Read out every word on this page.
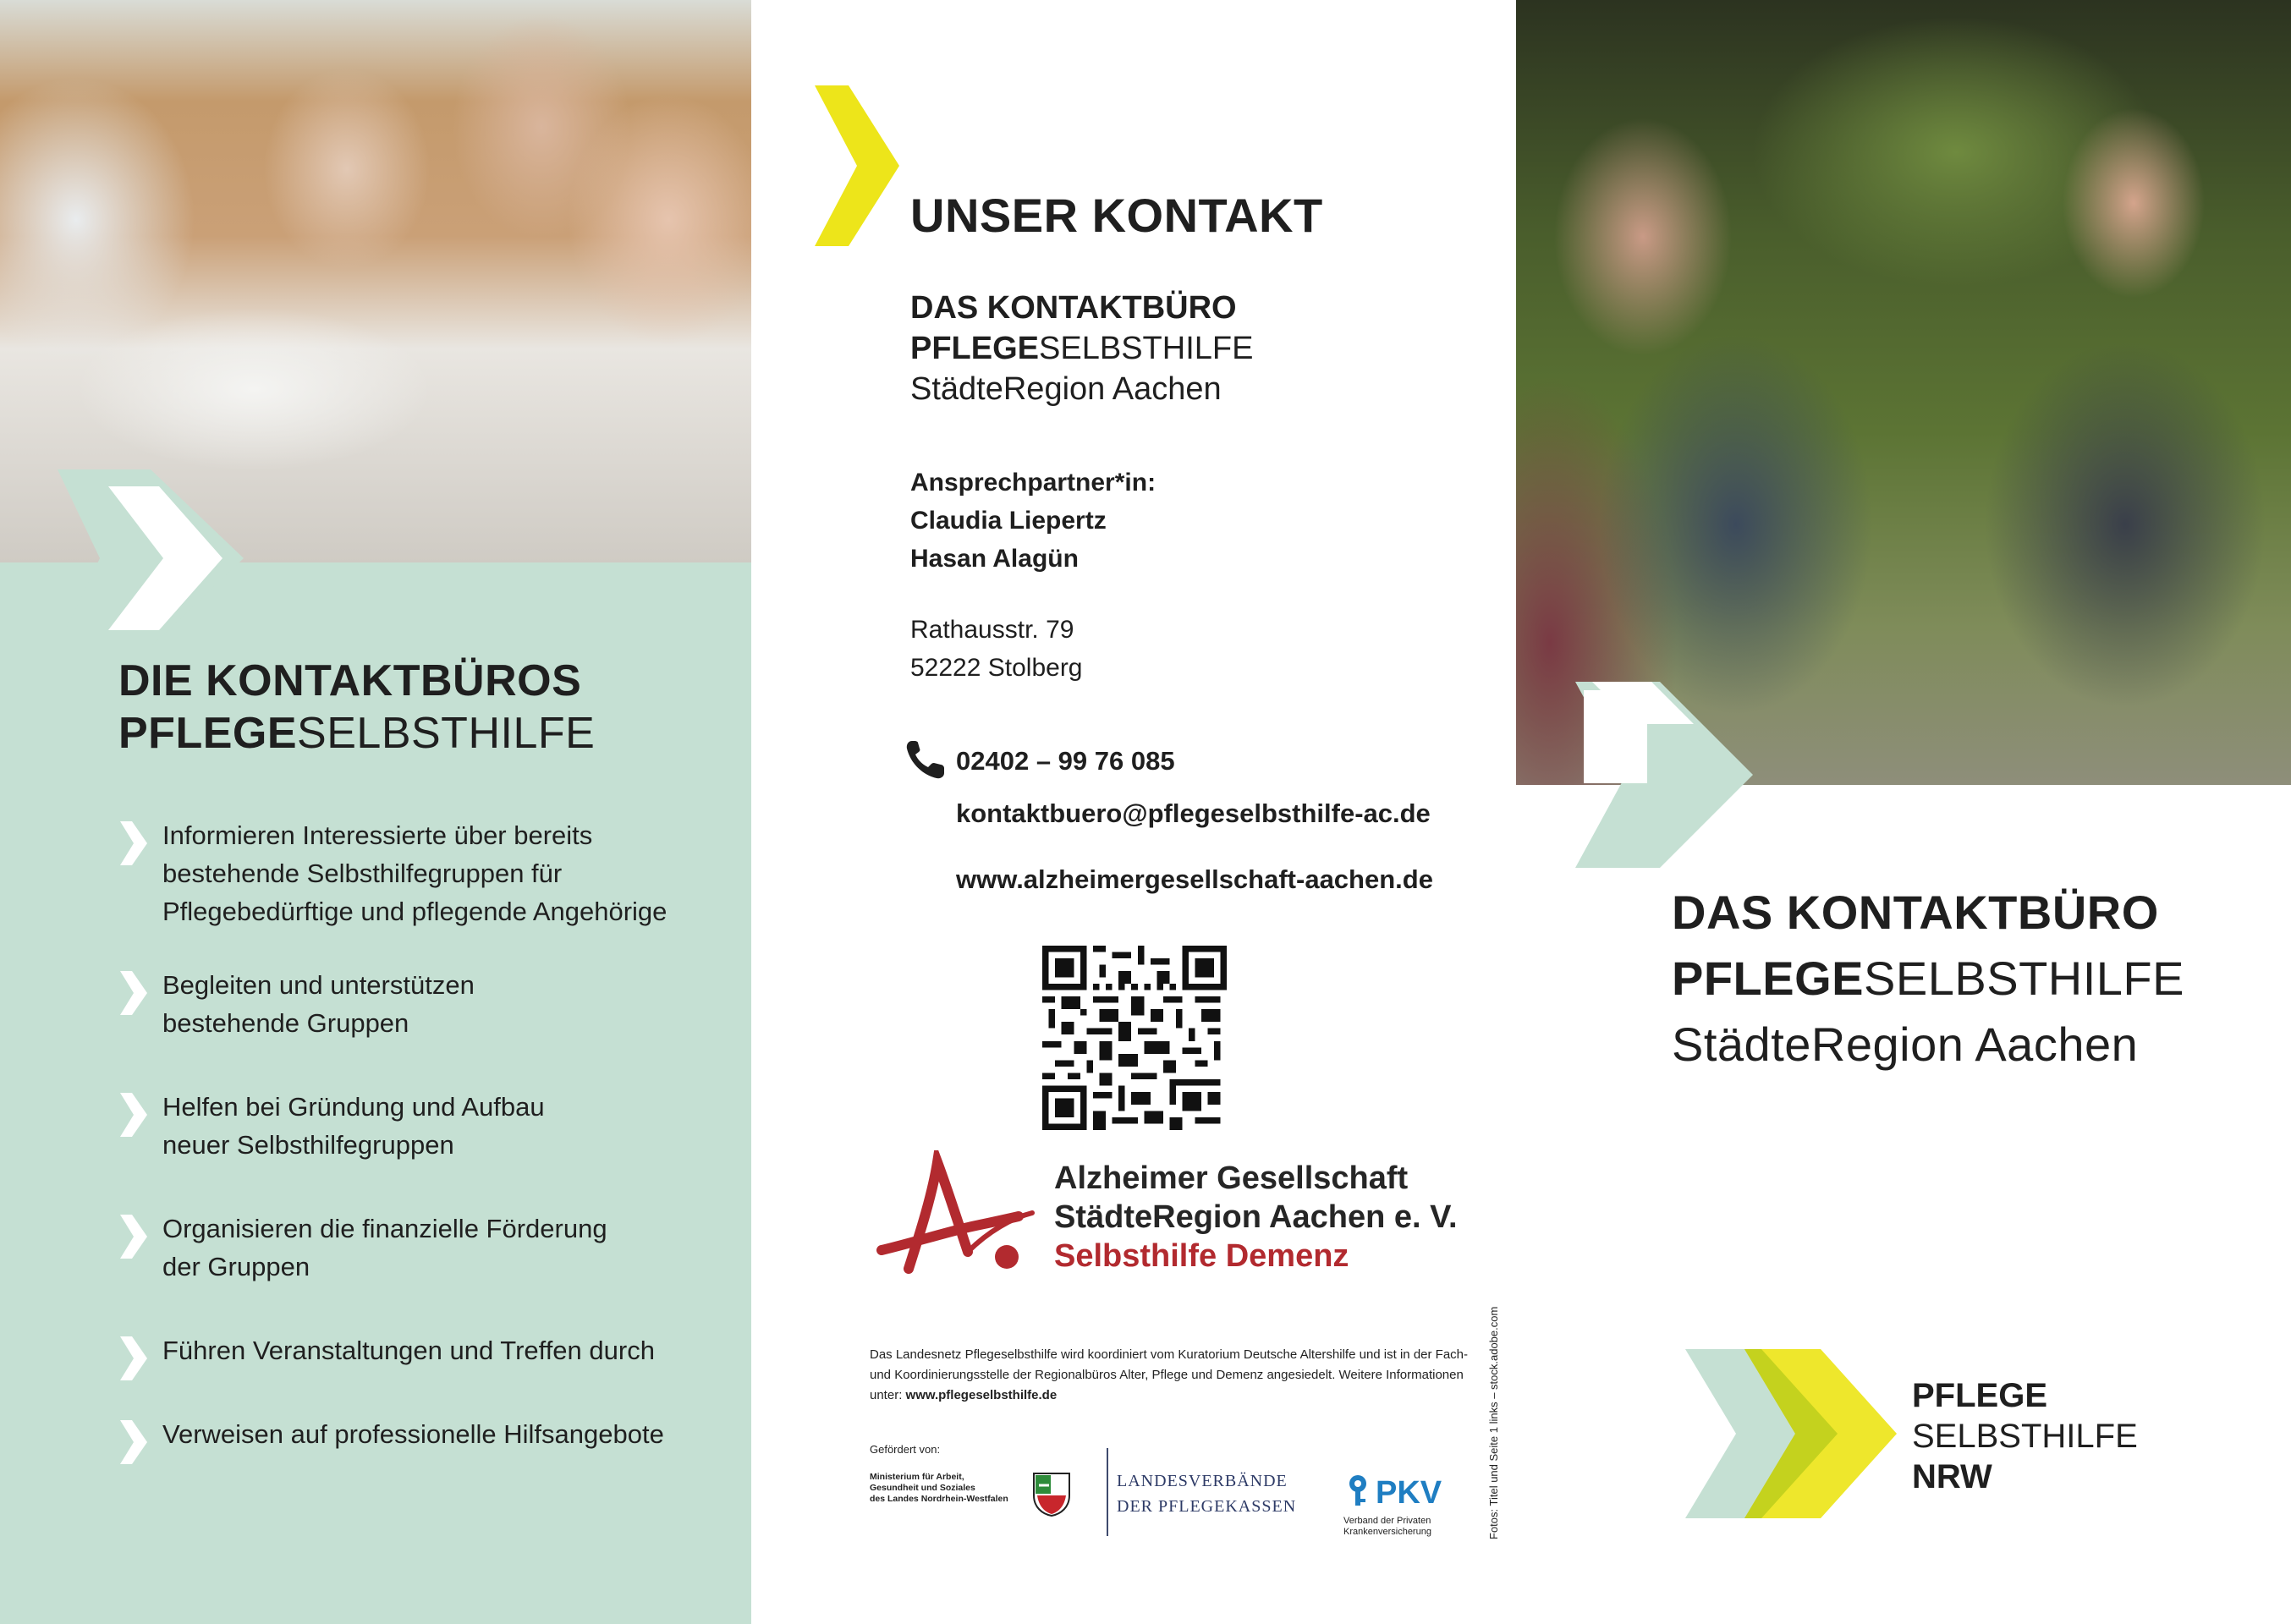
DIE KONTAKTBÜROS
PFLEGESELBSTHILFE
Informieren Interessierte über bereits
bestehende Selbsthilfegruppen für
Pflegebedürftige und pflegende Angehörige
Begleiten und unterstützen
bestehende Gruppen
Helfen bei Gründung und Aufbau
neuer Selbsthilfegruppen
Organisieren die finanzielle Förderung
der Gruppen
Führen Veranstaltungen und Treffen durch
Verweisen auf professionelle Hilfsangebote
UNSER KONTAKT
DAS KONTAKTBÜRO
PFLEGESELBSTHILFE
StädteRegion Aachen
Ansprechpartner*in:
Claudia Liepertz
Hasan Alagün
Rathausstr. 79
52222 Stolberg
02402 – 99 76 085
kontaktbuero@pflegeselbsthilfe-ac.de
www.alzheimergesellschaft-aachen.de
Alzheimer Gesellschaft
StädteRegion Aachen e. V.
Selbsthilfe Demenz
Das Landesnetz Pflegeselbsthilfe wird koordiniert vom Kuratorium Deutsche Altershilfe und ist in der Fach- und Koordinierungsstelle der Regionalbüros Alter, Pflege und Demenz angesiedelt. Weitere Informationen unter: www.pflegeselbsthilfe.de
Gefördert von:
Ministerium für Arbeit,
Gesundheit und Soziales
des Landes Nordrhein-Westfalen
LANDESVERBÄNDE
DER PFLEGEKASSEN	PKV
Verband der Privaten
Krankenversicherung	Fotos: Titel und Seite 1 links – stock.adobe.com
DAS KONTAKTBÜRO
PFLEGESELBSTHILFE
StädteRegion Aachen
PFLEGE
SELBSTHILFE
NRW
